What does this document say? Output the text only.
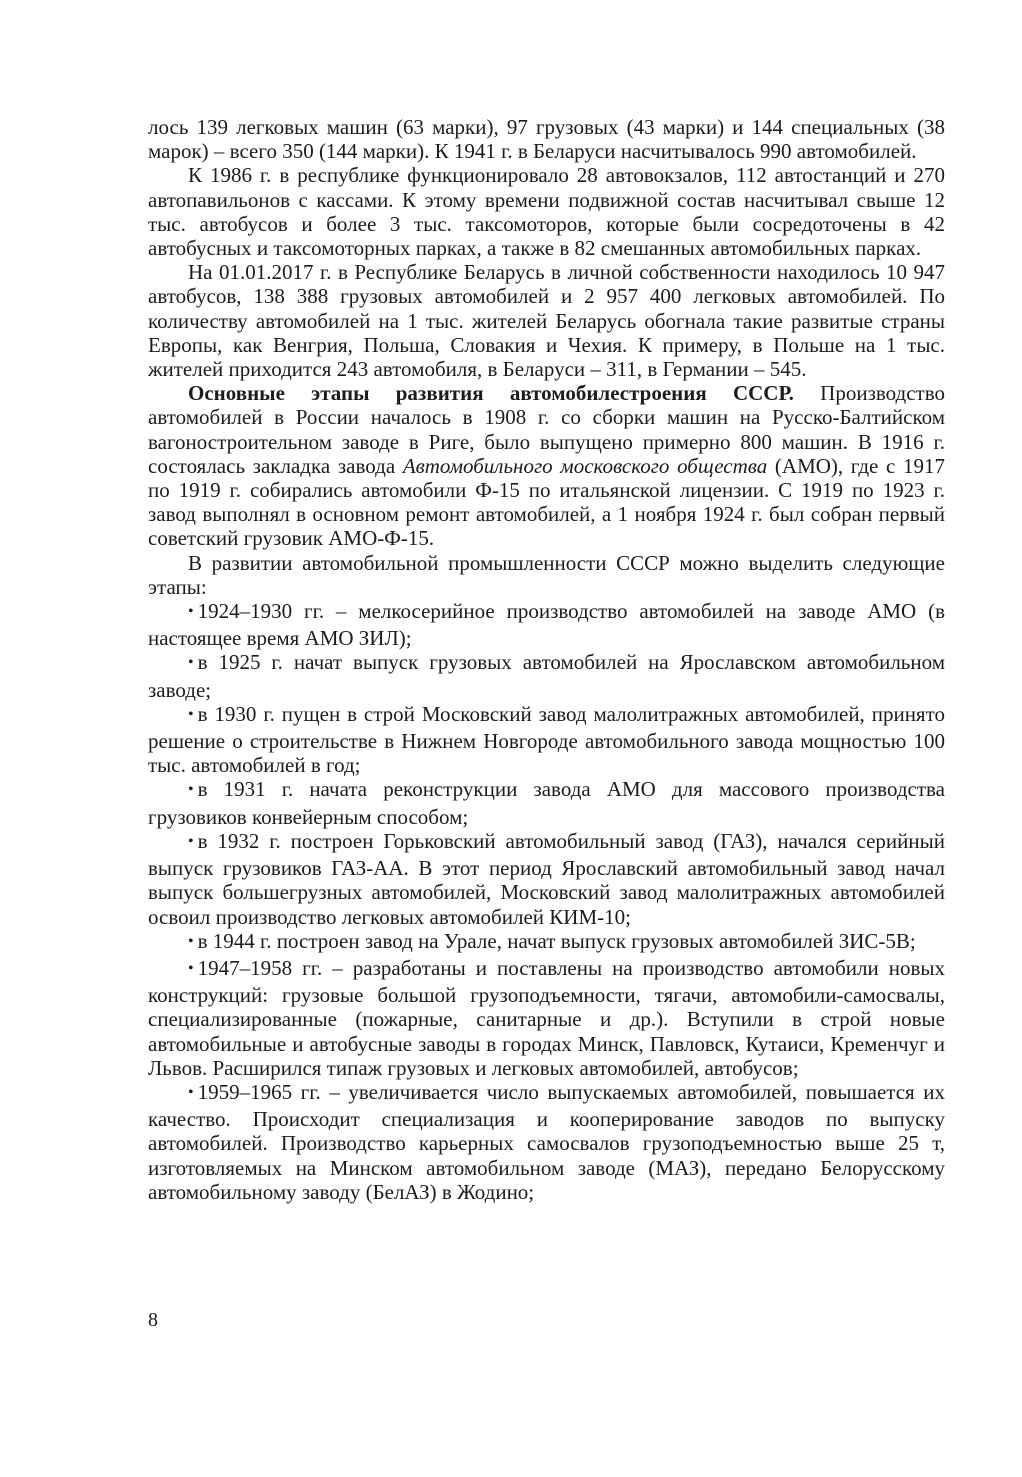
лось 139 легковых машин (63 марки), 97 грузовых (43 марки) и 144 специальных (38 марок) – всего 350 (144 марки). К 1941 г. в Беларуси насчитывалось 990 автомобилей.

К 1986 г. в республике функционировало 28 автовокзалов, 112 автостанций и 270 автопавильонов с кассами. К этому времени подвижной состав насчитывал свыше 12 тыс. автобусов и более 3 тыс. таксомоторов, которые были сосредоточены в 42 автобусных и таксомоторных парках, а также в 82 смешанных автомобильных парках.

На 01.01.2017 г. в Республике Беларусь в личной собственности находилось 10 947 автобусов, 138 388 грузовых автомобилей и 2 957 400 легковых автомобилей. По количеству автомобилей на 1 тыс. жителей Беларусь обогнала такие развитые страны Европы, как Венгрия, Польша, Словакия и Чехия. К примеру, в Польше на 1 тыс. жителей приходится 243 автомобиля, в Беларуси – 311, в Германии – 545.

Основные этапы развития автомобилестроения СССР. Производство автомобилей в России началось в 1908 г. со сборки машин на Русско-Балтийском вагоностроительном заводе в Риге, было выпущено примерно 800 машин. В 1916 г. состоялась закладка завода Автомобильного московского общества (АМО), где с 1917 по 1919 г. собирались автомобили Ф-15 по итальянской лицензии. С 1919 по 1923 г. завод выполнял в основном ремонт автомобилей, а 1 ноября 1924 г. был собран первый советский грузовик АМО-Ф-15.

В развитии автомобильной промышленности СССР можно выделить следующие этапы:

• 1924–1930 гг. – мелкосерийное производство автомобилей на заводе АМО (в настоящее время АМО ЗИЛ);

• в 1925 г. начат выпуск грузовых автомобилей на Ярославском автомобильном заводе;

• в 1930 г. пущен в строй Московский завод малолитражных автомобилей, принято решение о строительстве в Нижнем Новгороде автомобильного завода мощностью 100 тыс. автомобилей в год;

• в 1931 г. начата реконструкции завода АМО для массового производства грузовиков конвейерным способом;

• в 1932 г. построен Горьковский автомобильный завод (ГАЗ), начался серийный выпуск грузовиков ГАЗ-АА. В этот период Ярославский автомобильный завод начал выпуск большегрузных автомобилей, Московский завод малолитражных автомобилей освоил производство легковых автомобилей КИМ-10;

• в 1944 г. построен завод на Урале, начат выпуск грузовых автомобилей ЗИС-5В;

• 1947–1958 гг. – разработаны и поставлены на производство автомобили новых конструкций: грузовые большой грузоподъемности, тягачи, автомобили-самосвалы, специализированные (пожарные, санитарные и др.). Вступили в строй новые автомобильные и автобусные заводы в городах Минск, Павловск, Кутаиси, Кременчуг и Львов. Расширился типаж грузовых и легковых автомобилей, автобусов;

• 1959–1965 гг. – увеличивается число выпускаемых автомобилей, повышается их качество. Происходит специализация и кооперирование заводов по выпуску автомобилей. Производство карьерных самосвалов грузоподъемностью выше 25 т, изготовляемых на Минском автомобильном заводе (МАЗ), передано Белорусскому автомобильному заводу (БелАЗ) в Жодино;

8
